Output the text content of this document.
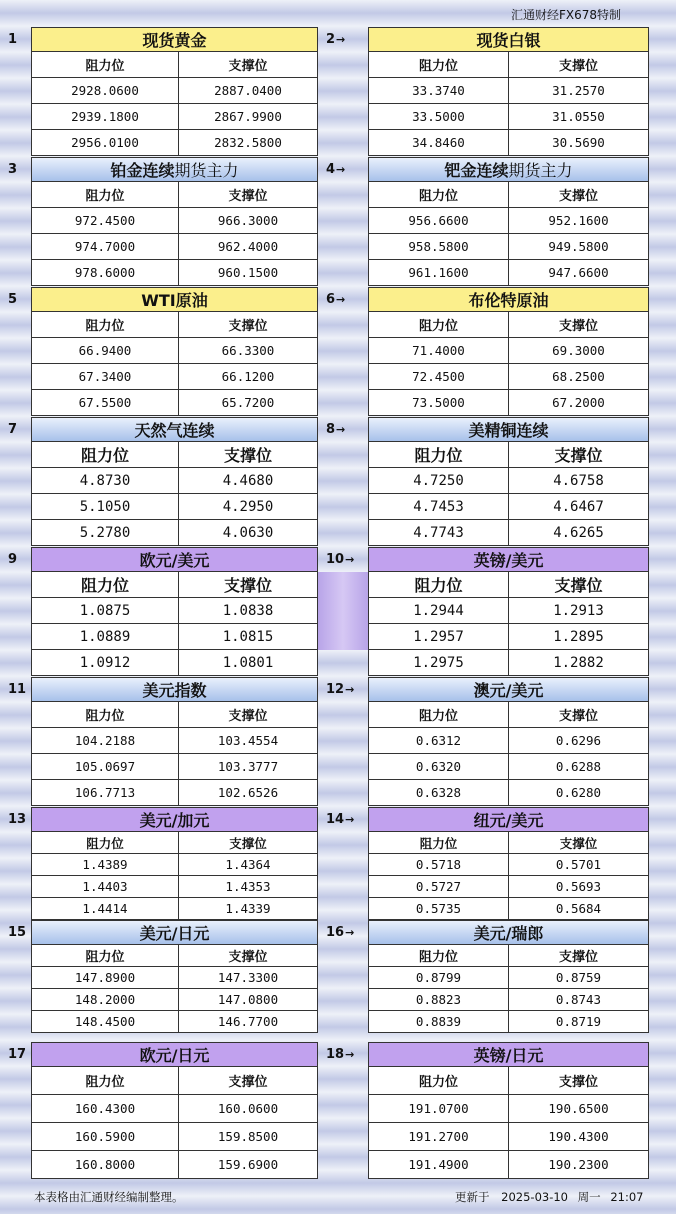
汇通财经FX678特制
本表格由汇通财经编制整理。	更新于 2025-03-10 周一 21:07
1	现货黄金
阻力位	支撑位
2928.0600	2887.0400
2939.1800	2867.9900
2956.0100	2832.5800
2 →	现货白银
阻力位	支撑位
33.3740	31.2570
33.5000	31.0550
34.8460	30.5690
3	铂金连续 期货主力
阻力位	支撑位
972.4500	966.3000
974.7000	962.4000
978.6000	960.1500
4 →	钯金连续 期货主力
阻力位	支撑位
956.6600	952.1600
958.5800	949.5800
961.1600	947.6600
5	WTI原油
阻力位	支撑位
66.9400	66.3300
67.3400	66.1200
67.5500	65.7200
6 →	布伦特原油
阻力位	支撑位
71.4000	69.3000
72.4500	68.2500
73.5000	67.2000
7	天然气连续
阻力位	支撑位
4.8730	4.4680
5.1050	4.2950
5.2780	4.0630
8 →	美精铜连续
阻力位	支撑位
4.7250	4.6758
4.7453	4.6467
4.7743	4.6265
9	欧元/美元
阻力位	支撑位
1.0875	1.0838
1.0889	1.0815
1.0912	1.0801
10 →	英镑/美元
阻力位	支撑位
1.2944	1.2913
1.2957	1.2895
1.2975	1.2882
11	美元指数
阻力位	支撑位
104.2188	103.4554
105.0697	103.3777
106.7713	102.6526
12 →	澳元/美元
阻力位	支撑位
0.6312	0.6296
0.6320	0.6288
0.6328	0.6280
13	美元/加元
阻力位	支撑位
1.4389	1.4364
1.4403	1.4353
1.4414	1.4339
14 →	纽元/美元
阻力位	支撑位
0.5718	0.5701
0.5727	0.5693
0.5735	0.5684
15	美元/日元
阻力位	支撑位
147.8900	147.3300
148.2000	147.0800
148.4500	146.7700
16 →	美元/瑞郎
阻力位	支撑位
0.8799	0.8759
0.8823	0.8743
0.8839	0.8719
17	欧元/日元
阻力位	支撑位
160.4300	160.0600
160.5900	159.8500
160.8000	159.6900
18 →	英镑/日元
阻力位	支撑位
191.0700	190.6500
191.2700	190.4300
191.4900	190.2300
